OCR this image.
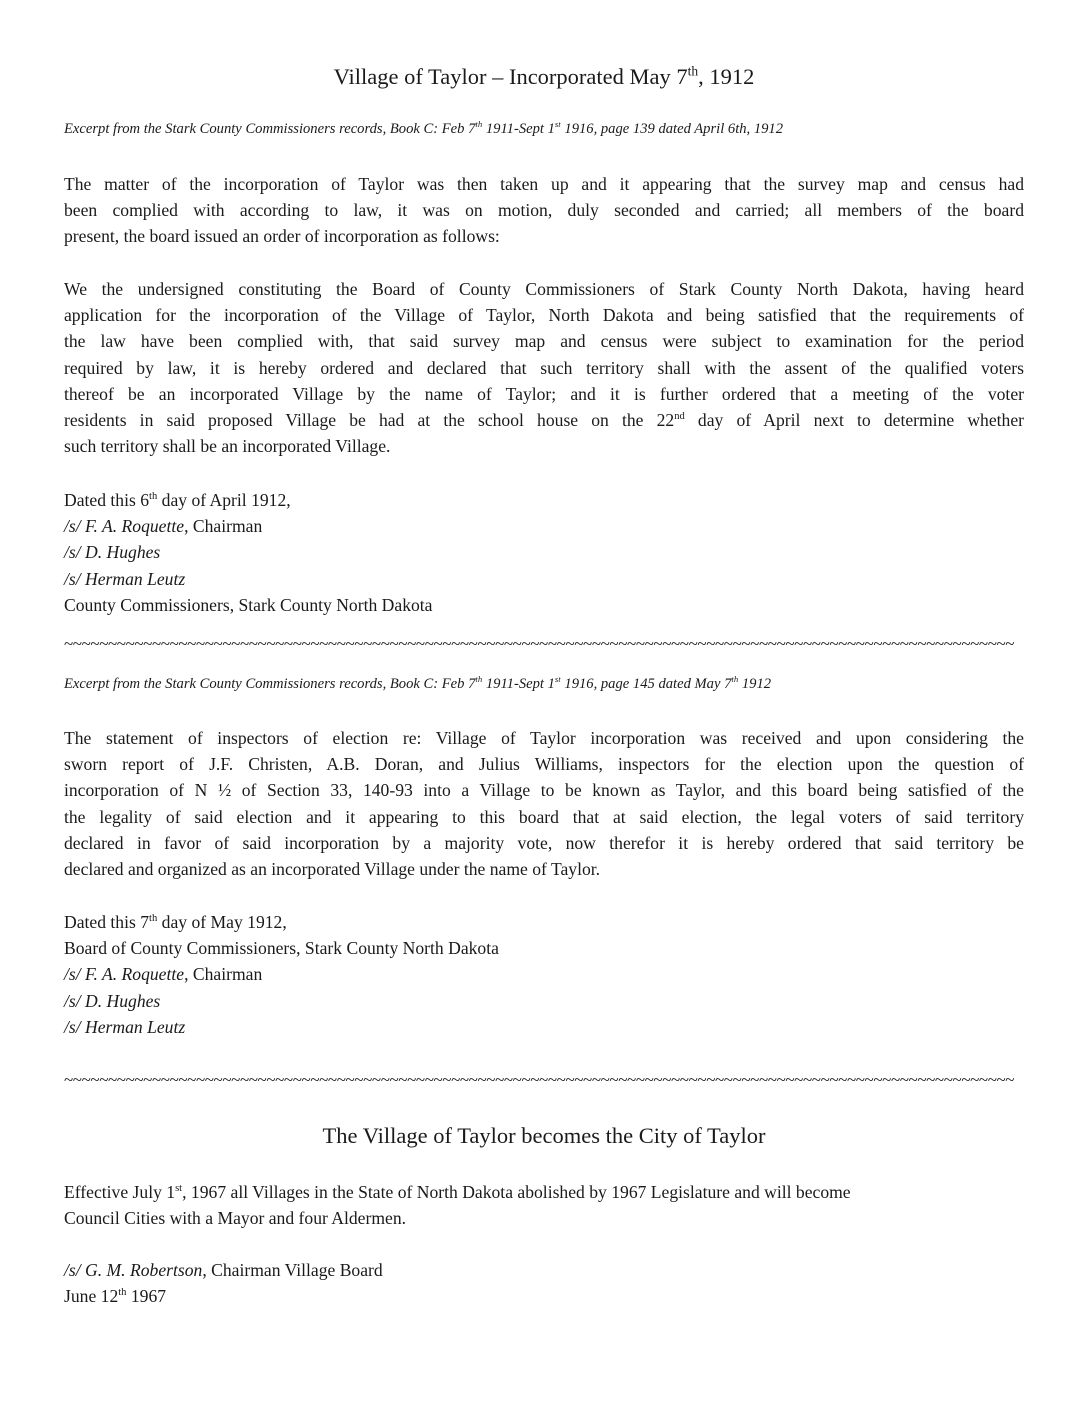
Village of Taylor – Incorporated May 7th, 1912
Excerpt from the Stark County Commissioners records, Book C: Feb 7th 1911-Sept 1st 1916, page 139 dated April 6th, 1912
The matter of the incorporation of Taylor was then taken up and it appearing that the survey map and census had
been complied with according to law, it was on motion, duly seconded and carried; all members of the board
present, the board issued an order of incorporation as follows:
We the undersigned constituting the Board of County Commissioners of Stark County North Dakota, having heard
application for the incorporation of the Village of Taylor, North Dakota and being satisfied that the requirements of
the law have been complied with, that said survey map and census were subject to examination for the period
required by law, it is hereby ordered and declared that such territory shall with the assent of the qualified voters
thereof be an incorporated Village by the name of Taylor; and it is further ordered that a meeting of the voter
residents in said proposed Village be had at the school house on the 22nd day of April next to determine whether
such territory shall be an incorporated Village.
Dated this 6th day of April 1912,
/s/ F. A. Roquette, Chairman
/s/ D. Hughes
/s/ Herman Leutz
County Commissioners, Stark County North Dakota
~~~~~~~~~~~~~~~~~~~~~~~~~~~~~~~~~~~~~~~~~~~~~~~~~~~~~~~~~~~~~~~~~~~~~~~~~~~~~~~~~~~~~~~~~~~~~~~~~~~~~~~~~~~~
Excerpt from the Stark County Commissioners records, Book C: Feb 7th 1911-Sept 1st 1916, page 145 dated May 7th 1912
The statement of inspectors of election re: Village of Taylor incorporation was received and upon considering the
sworn report of J.F. Christen, A.B. Doran, and Julius Williams, inspectors for the election upon the question of
incorporation of N ½ of Section 33, 140-93 into a Village to be known as Taylor, and this board being satisfied of the
the legality of said election and it appearing to this board that at said election, the legal voters of said territory
declared in favor of said incorporation by a majority vote, now therefor it is hereby ordered that said territory be
declared and organized as an incorporated Village under the name of Taylor.
Dated this 7th day of May 1912,
Board of County Commissioners, Stark County North Dakota
/s/ F. A. Roquette, Chairman
/s/ D. Hughes
/s/ Herman Leutz
~~~~~~~~~~~~~~~~~~~~~~~~~~~~~~~~~~~~~~~~~~~~~~~~~~~~~~~~~~~~~~~~~~~~~~~~~~~~~~~~~~~~~~~~~~~~~~~~~~~~~~~~~~~~
The Village of Taylor becomes the City of Taylor
Effective July 1st, 1967 all Villages in the State of North Dakota abolished by 1967 Legislature and will become
Council Cities with a Mayor and four Aldermen.
/s/ G. M. Robertson, Chairman Village Board
June 12th 1967
